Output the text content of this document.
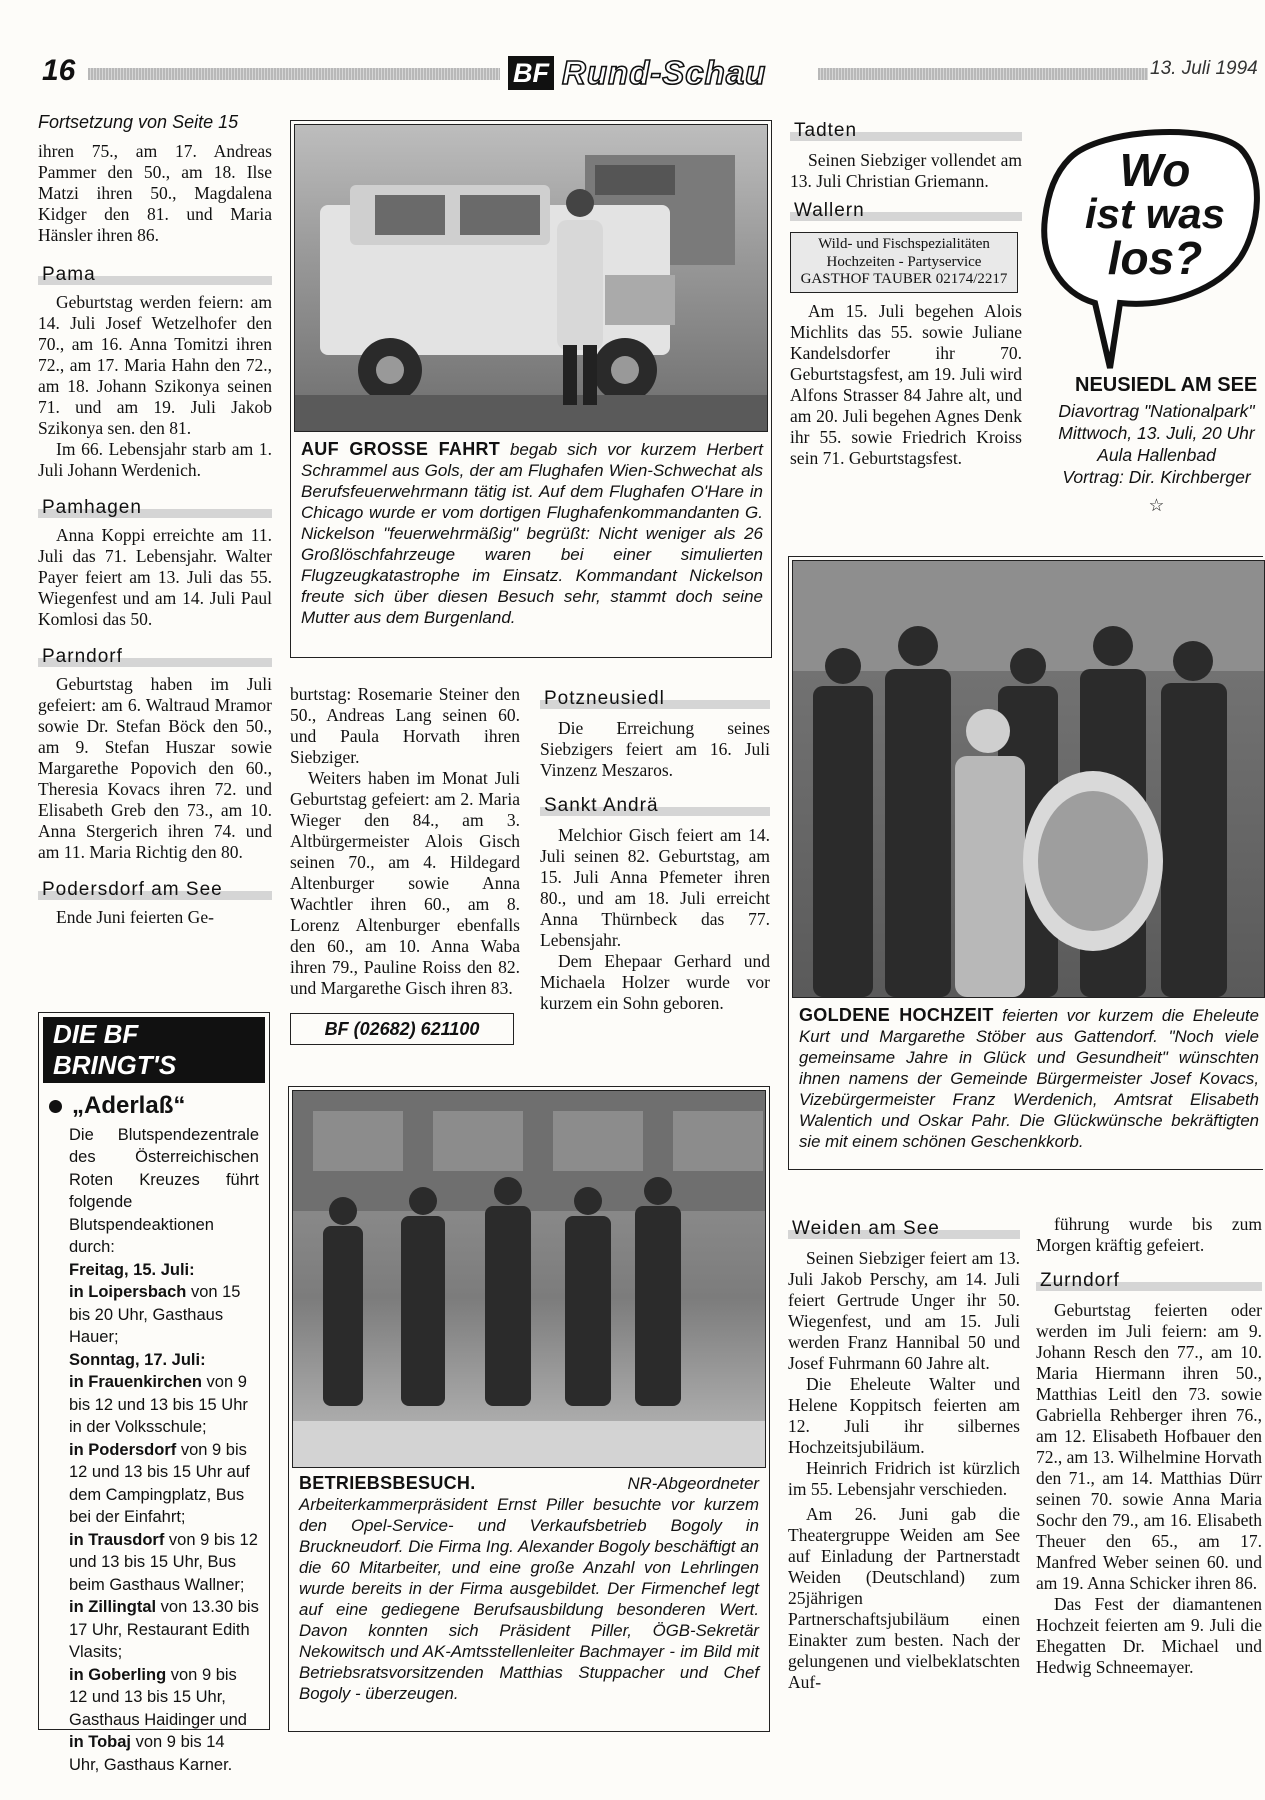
16	BF Rund-Schau	13. Juli 1994
Fortsetzung von Seite 15

ihren 75., am 17. Andreas Pammer den 50., am 18. Ilse Matzi ihren 50., Magdalena Kidger den 81. und Maria Hänsler ihren 86.

Pama

Geburtstag werden feiern: am 14. Juli Josef Wetzelhofer den 70., am 16. Anna Tomitzi ihren 72., am 17. Maria Hahn den 72., am 18. Johann Szikonya seinen 71. und am 19. Juli Jakob Szikonya sen. den 81.

Im 66. Lebensjahr starb am 1. Juli Johann Werdenich.

Pamhagen

Anna Koppi erreichte am 11. Juli das 71. Lebensjahr. Walter Payer feiert am 13. Juli das 55. Wiegenfest und am 14. Juli Paul Komlosi das 50.

Parndorf

Geburtstag haben im Juli gefeiert: am 6. Waltraud Mramor sowie Dr. Stefan Böck den 50., am 9. Stefan Huszar sowie Margarethe Popovich den 60., Theresia Kovacs ihren 72. und Elisabeth Greb den 73., am 10. Anna Stergerich ihren 74. und am 11. Maria Richtig den 80.

Podersdorf am See

Ende Juni feierten Ge-

DIE BF BRINGT'S
„Aderlaß“

Die Blutspendezentrale des Österreichischen Roten Kreuzes führt folgende Blutspendeaktionen durch:

Freitag, 15. Juli:

in Loipersbach von 15 bis 20 Uhr, Gasthaus Hauer;

Sonntag, 17. Juli:

in Frauenkirchen von 9 bis 12 und 13 bis 15 Uhr in der Volksschule;

in Podersdorf von 9 bis 12 und 13 bis 15 Uhr auf dem Campingplatz, Bus bei der Einfahrt;

in Trausdorf von 9 bis 12 und 13 bis 15 Uhr, Bus beim Gasthaus Wallner;

in Zillingtal von 13.30 bis 17 Uhr, Restaurant Edith Vlasits;

in Goberling von 9 bis 12 und 13 bis 15 Uhr, Gasthaus Haidinger und

in Tobaj von 9 bis 14 Uhr, Gasthaus Karner.

AUF GROSSE FAHRT begab sich vor kurzem Herbert Schrammel aus Gols, der am Flughafen Wien-Schwechat als Berufsfeuerwehrmann tätig ist. Auf dem Flughafen O'Hare in Chicago wurde er vom dortigen Flughafenkommandanten G. Nickelson "feuerwehrmäßig" begrüßt: Nicht weniger als 26 Großlöschfahrzeuge waren bei einer simulierten Flugzeugkatastrophe im Einsatz. Kommandant Nickelson freute sich über diesen Besuch sehr, stammt doch seine Mutter aus dem Burgenland.

burtstag: Rosemarie Steiner den 50., Andreas Lang seinen 60. und Paula Horvath ihren Siebziger.

Weiters haben im Monat Juli Geburtstag gefeiert: am 2. Maria Wieger den 84., am 3. Altbürgermeister Alois Gisch seinen 70., am 4. Hildegard Altenburger sowie Anna Wachtler ihren 60., am 8. Lorenz Altenburger ebenfalls den 60., am 10. Anna Waba ihren 79., Pauline Roiss den 82. und Margarethe Gisch ihren 83.

BF (02682) 621100
Potzneusiedl

Die Erreichung seines Siebzigers feiert am 16. Juli Vinzenz Meszaros.

Sankt Andrä

Melchior Gisch feiert am 14. Juli seinen 82. Geburtstag, am 15. Juli Anna Pfemeter ihren 80., und am 18. Juli erreicht Anna Thürnbeck das 77. Lebensjahr.

Dem Ehepaar Gerhard und Michaela Holzer wurde vor kurzem ein Sohn geboren.

BETRIEBSBESUCH. NR-Abgeordneter Arbeiterkammerpräsident Ernst Piller besuchte vor kurzem den Opel-Service- und Verkaufsbetrieb Bogoly in Bruckneudorf. Die Firma Ing. Alexander Bogoly beschäftigt an die 60 Mitarbeiter, und eine große Anzahl von Lehrlingen wurde bereits in der Firma ausgebildet. Der Firmenchef legt auf eine gediegene Berufsausbildung besonderen Wert. Davon konnten sich Präsident Piller, ÖGB-Sekretär Nekowitsch und AK-Amtsstellenleiter Bachmayer - im Bild mit Betriebsratsvorsitzenden Matthias Stuppacher und Chef Bogoly - überzeugen.
Tadten

Seinen Siebziger vollendet am 13. Juli Christian Griemann.

Wallern
Wild- und Fischspezialitäten
Hochzeiten - Partyservice
GASTHOF TAUBER 02174/2217

Am 15. Juli begehen Alois Michlits das 55. sowie Juliane Kandelsdorfer ihr 70. Geburtstagsfest, am 19. Juli wird Alfons Strasser 84 Jahre alt, und am 20. Juli begehen Agnes Denk ihr 55. sowie Friedrich Kroiss sein 71. Geburtstagsfest.

Wo
ist was
los?
NEUSIEDL AM SEE
Diavortrag "Nationalpark"
Mittwoch, 13. Juli, 20 Uhr
Aula Hallenbad
Vortrag: Dir. Kirchberger
☆
GOLDENE HOCHZEIT feierten vor kurzem die Eheleute Kurt und Margarethe Stöber aus Gattendorf. "Noch viele gemeinsame Jahre in Glück und Gesundheit" wünschten ihnen namens der Gemeinde Bürgermeister Josef Kovacs, Vizebürgermeister Franz Werdenich, Amtsrat Elisabeth Walentich und Oskar Pahr. Die Glückwünsche bekräftigten sie mit einem schönen Geschenkkorb.
Weiden am See

Seinen Siebziger feiert am 13. Juli Jakob Perschy, am 14. Juli feiert Gertrude Unger ihr 50. Wiegenfest, und am 15. Juli werden Franz Hannibal 50 und Josef Fuhrmann 60 Jahre alt.

Die Eheleute Walter und Helene Koppitsch feierten am 12. Juli ihr silbernes Hochzeitsjubiläum.

Heinrich Fridrich ist kürzlich im 55. Lebensjahr verschieden.

Am 26. Juni gab die Theatergruppe Weiden am See auf Einladung der Partnerstadt Weiden (Deutschland) zum 25jährigen Partnerschaftsjubiläum einen Einakter zum besten. Nach der gelungenen und vielbeklatschten Auf-

führung wurde bis zum Morgen kräftig gefeiert.

Zurndorf

Geburtstag feierten oder werden im Juli feiern: am 9. Johann Resch den 77., am 10. Maria Hiermann ihren 50., Matthias Leitl den 73. sowie Gabriella Rehberger ihren 76., am 12. Elisabeth Hofbauer den 72., am 13. Wilhelmine Horvath den 71., am 14. Matthias Dürr seinen 70. sowie Anna Maria Sochr den 79., am 16. Elisabeth Theuer den 65., am 17. Manfred Weber seinen 60. und am 19. Anna Schicker ihren 86.

Das Fest der diamantenen Hochzeit feierten am 9. Juli die Ehegatten Dr. Michael und Hedwig Schneemayer.
